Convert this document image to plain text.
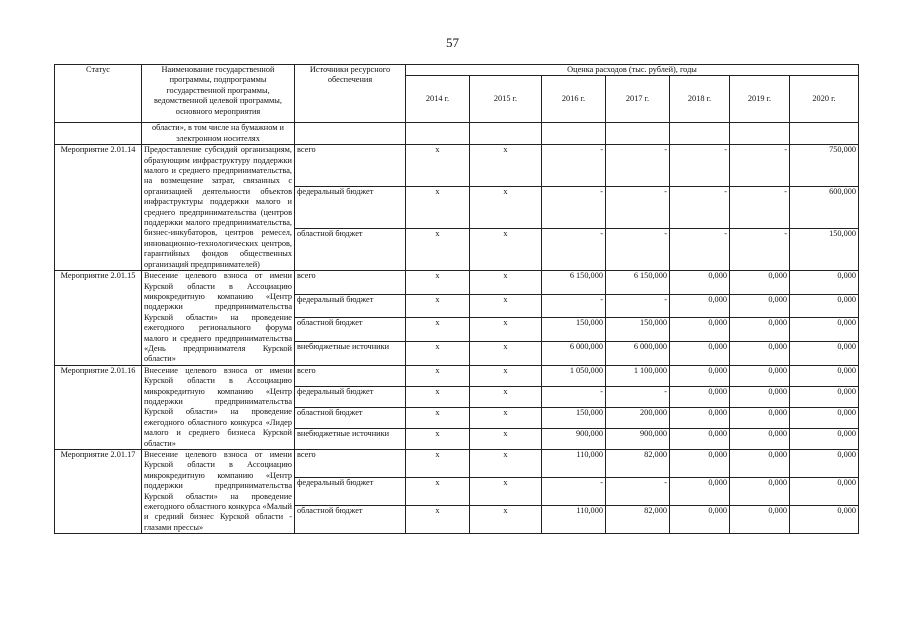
57
Статус	Наименование государственной программы, подпрограммы государственной программы, ведомственной целевой программы, основного мероприятия	Источники ресурсного обеспечения	Оценка расходов (тыс. рублей), годы						
			2014 г.	2015 г.	2016 г.	2017 г.	2018 г.	2019 г.	2020 г.
	области», в том числе на бумажном и электронном носителях								
Мероприятие 2.01.14	Предоставление субсидий организациям, образующим инфраструктуру поддержки малого и среднего предпринимательства, на возмещение затрат, связанных с организацией деятельности объектов инфраструктуры поддержки малого и среднего предпринимательства (центров поддержки малого предпринимательства, бизнес-инкубаторов, центров ремесел, инновационно-технологических центров, гарантийных фондов общественных организаций предпринимателей)	всего	х	х	-	-	-	-	750,000
		федеральный бюджет	х	х	-	-	-	-	600,000
		областной бюджет	х	х	-	-	-	-	150,000
Мероприятие 2.01.15	Внесение целевого взноса от имени Курской области в Ассоциацию микрокредитную компанию «Центр поддержки предпринимательства Курской области» на проведение ежегодного регионального форума малого и среднего предпринимательства «День предпринимателя Курской области»	всего	х	х	6 150,000	6 150,000	0,000	0,000	0,000
		федеральный бюджет	х	х	-	-	0,000	0,000	0,000
		областной бюджет	х	х	150,000	150,000	0,000	0,000	0,000
		внебюджетные источники	х	х	6 000,000	6 000,000	0,000	0,000	0,000
Мероприятие 2.01.16	Внесение целевого взноса от имени Курской области в Ассоциацию микрокредитную компанию «Центр поддержки предпринимательства Курской области» на проведение ежегодного областного конкурса «Лидер малого и среднего бизнеса Курской области»	всего	х	х	1 050,000	1 100,000	0,000	0,000	0,000
		федеральный бюджет	х	х	-	-	0,000	0,000	0,000
		областной бюджет	х	х	150,000	200,000	0,000	0,000	0,000
		внебюджетные источники	х	х	900,000	900,000	0,000	0,000	0,000
Мероприятие 2.01.17	Внесение целевого взноса от имени Курской области в Ассоциацию микрокредитную компанию «Центр поддержки предпринимательства Курской области» на проведение ежегодного областного конкурса «Малый и средний бизнес Курской области - глазами прессы»	всего	х	х	110,000	82,000	0,000	0,000	0,000
		федеральный бюджет	х	х	-	-	0,000	0,000	0,000
		областной бюджет	х	х	110,000	82,000	0,000	0,000	0,000
